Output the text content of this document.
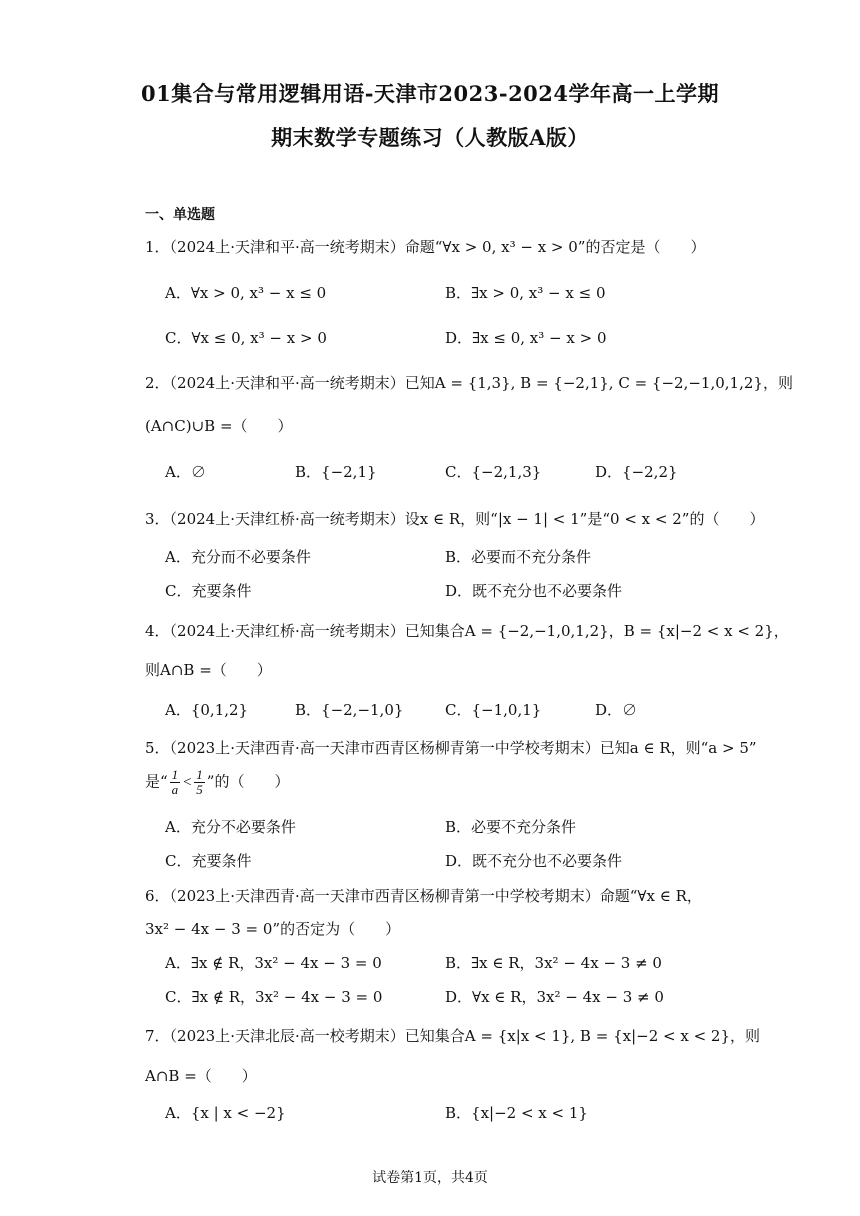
01集合与常用逻辑用语-天津市2023-2024学年高一上学期
期末数学专题练习（人教版A版）
一、单选题
1．（2024上·天津和平·高一统考期末）命题“∀x > 0, x³ − x > 0”的否定是（　　）
A．∀x > 0, x³ − x ≤ 0	B．∃x > 0, x³ − x ≤ 0
C．∀x ≤ 0, x³ − x > 0	D．∃x ≤ 0, x³ − x > 0
2．（2024上·天津和平·高一统考期末）已知A = {1,3}, B = {−2,1}, C = {−2,−1,0,1,2}，则
(A∩C)∪B =（　　）
A．∅	B．{−2,1}	C．{−2,1,3}	D．{−2,2}
3．（2024上·天津红桥·高一统考期末）设x ∈ R，则“|x − 1| < 1”是“0 < x < 2”的（　　）
A．充分而不必要条件	B．必要而不充分条件
C．充要条件	D．既不充分也不必要条件
4．（2024上·天津红桥·高一统考期末）已知集合A = {−2,−1,0,1,2}，B = {x|−2 < x < 2}，
则A∩B =（　　）
A．{0,1,2}	B．{−2,−1,0}	C．{−1,0,1}	D．∅
5．（2023上·天津西青·高一天津市西青区杨柳青第一中学校考期末）已知a ∈ R，则“a > 5”
是“ $\frac{1}{a} < \frac{1}{5}$ ”的（　　）
A．充分不必要条件	B．必要不充分条件
C．充要条件	D．既不充分也不必要条件
6．（2023上·天津西青·高一天津市西青区杨柳青第一中学校考期末）命题“∀x ∈ R，
3x² − 4x − 3 = 0”的否定为（　　）
A．∃x ∉ R，3x² − 4x − 3 = 0	B．∃x ∈ R，3x² − 4x − 3 ≠ 0
C．∃x ∉ R，3x² − 4x − 3 = 0	D．∀x ∈ R，3x² − 4x − 3 ≠ 0
7．（2023上·天津北辰·高一校考期末）已知集合A = {x|x < 1}, B = {x|−2 < x < 2}，则
A∩B =（　　）
A．{x | x < −2}	B．{x|−2 < x < 1}
试卷第1页，共4页
